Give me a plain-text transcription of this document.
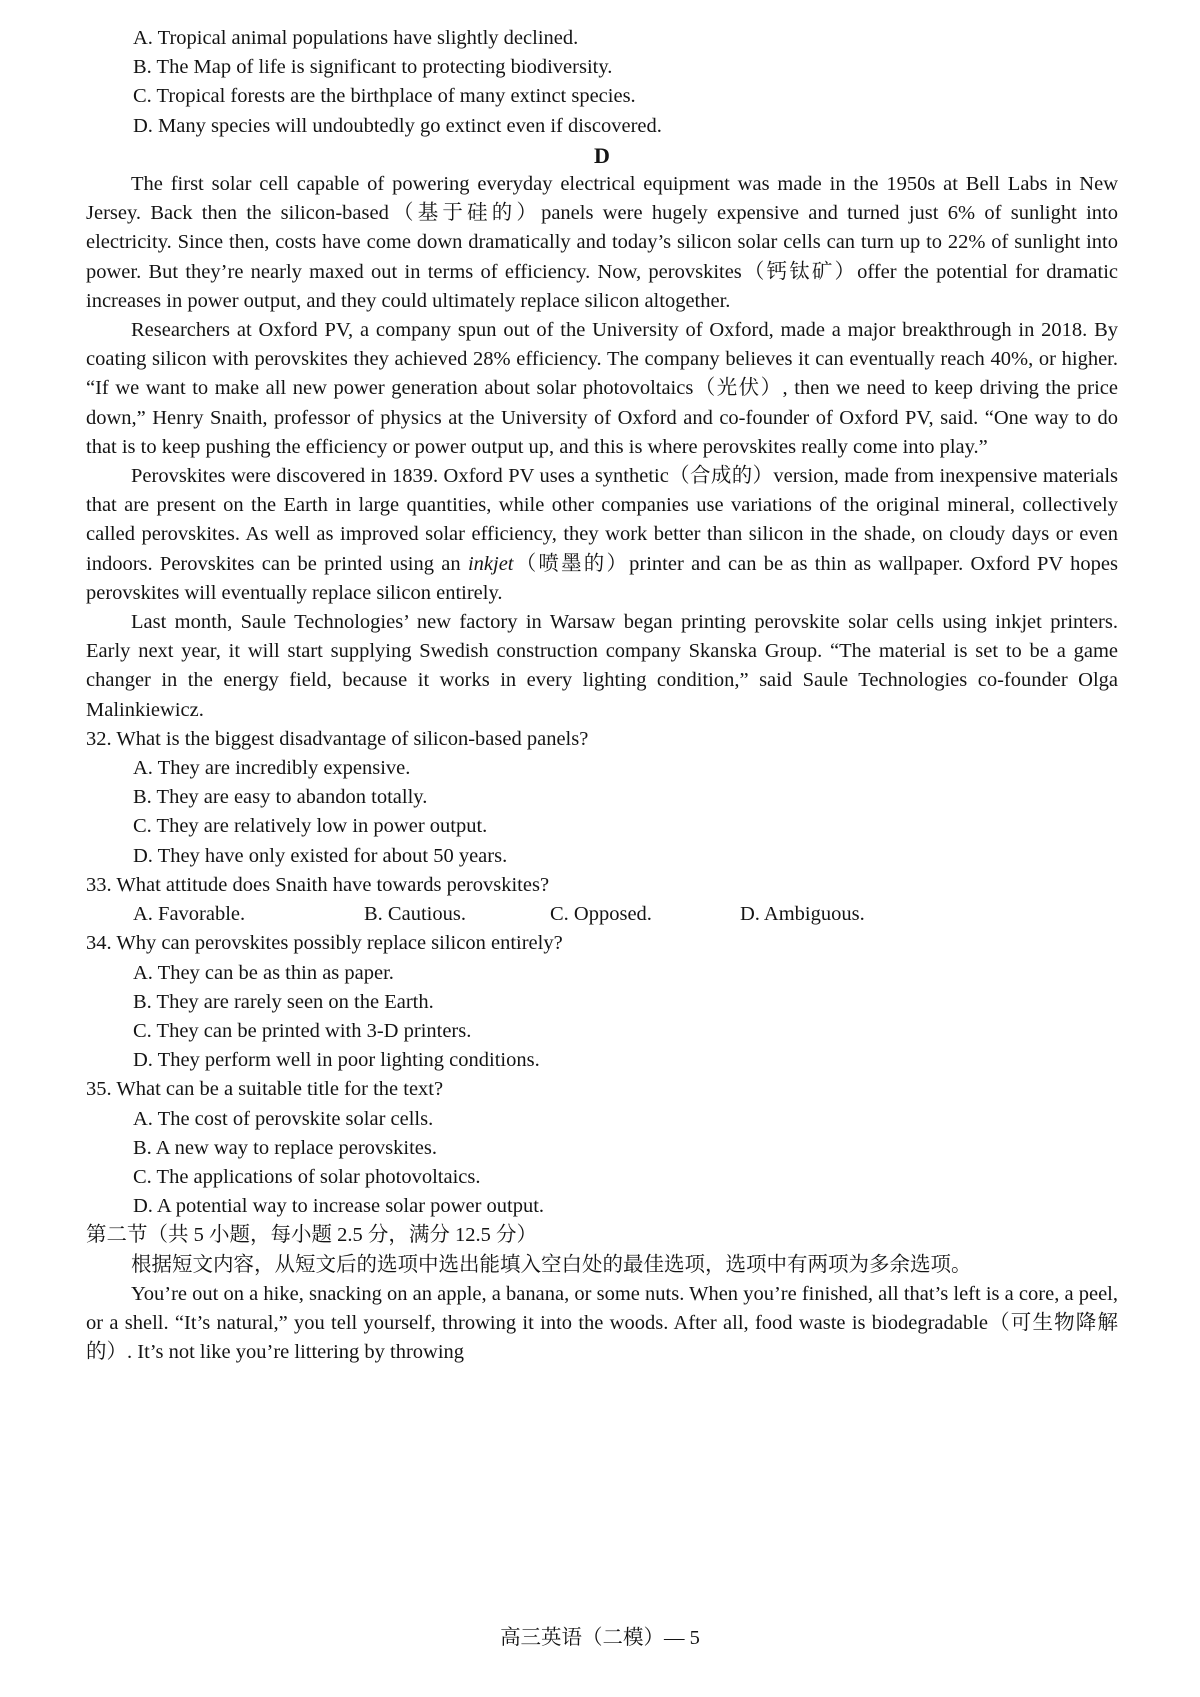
A. Tropical animal populations have slightly declined.
B. The Map of life is significant to protecting biodiversity.
C. Tropical forests are the birthplace of many extinct species.
D. Many species will undoubtedly go extinct even if discovered.
D
The first solar cell capable of powering everyday electrical equipment was made in the 1950s at Bell Labs in New Jersey. Back then the silicon-based（基于硅的）panels were hugely expensive and turned just 6% of sunlight into electricity. Since then, costs have come down dramatically and today’s silicon solar cells can turn up to 22% of sunlight into power. But they’re nearly maxed out in terms of efficiency. Now, perovskites（钙钛矿）offer the potential for dramatic increases in power output, and they could ultimately replace silicon altogether.
Researchers at Oxford PV, a company spun out of the University of Oxford, made a major breakthrough in 2018. By coating silicon with perovskites they achieved 28% efficiency. The company believes it can eventually reach 40%, or higher. “If we want to make all new power generation about solar photovoltaics（光伏）, then we need to keep driving the price down,” Henry Snaith, professor of physics at the University of Oxford and co-founder of Oxford PV, said. “One way to do that is to keep pushing the efficiency or power output up, and this is where perovskites really come into play.”
Perovskites were discovered in 1839. Oxford PV uses a synthetic（合成的）version, made from inexpensive materials that are present on the Earth in large quantities, while other companies use variations of the original mineral, collectively called perovskites. As well as improved solar efficiency, they work better than silicon in the shade, on cloudy days or even indoors. Perovskites can be printed using an inkjet（喷墨的）printer and can be as thin as wallpaper. Oxford PV hopes perovskites will eventually replace silicon entirely.
Last month, Saule Technologies’ new factory in Warsaw began printing perovskite solar cells using inkjet printers. Early next year, it will start supplying Swedish construction company Skanska Group. “The material is set to be a game changer in the energy field, because it works in every lighting condition,” said Saule Technologies co-founder Olga Malinkiewicz.
32. What is the biggest disadvantage of silicon-based panels?
A. They are incredibly expensive.
B. They are easy to abandon totally.
C. They are relatively low in power output.
D. They have only existed for about 50 years.
33. What attitude does Snaith have towards perovskites?
A. Favorable.	B. Cautious.	C. Opposed.	D. Ambiguous.
34. Why can perovskites possibly replace silicon entirely?
A. They can be as thin as paper.
B. They are rarely seen on the Earth.
C. They can be printed with 3-D printers.
D. They perform well in poor lighting conditions.
35. What can be a suitable title for the text?
A. The cost of perovskite solar cells.
B. A new way to replace perovskites.
C. The applications of solar photovoltaics.
D. A potential way to increase solar power output.
第二节（共 5 小题，每小题 2.5 分，满分 12.5 分）
根据短文内容，从短文后的选项中选出能填入空白处的最佳选项，选项中有两项为多余选项。
You’re out on a hike, snacking on an apple, a banana, or some nuts. When you’re finished, all that’s left is a core, a peel, or a shell. “It’s natural,” you tell yourself, throwing it into the woods. After all, food waste is biodegradable（可生物降解的）. It’s not like you’re littering by throwing
高三英语（二模）— 5
